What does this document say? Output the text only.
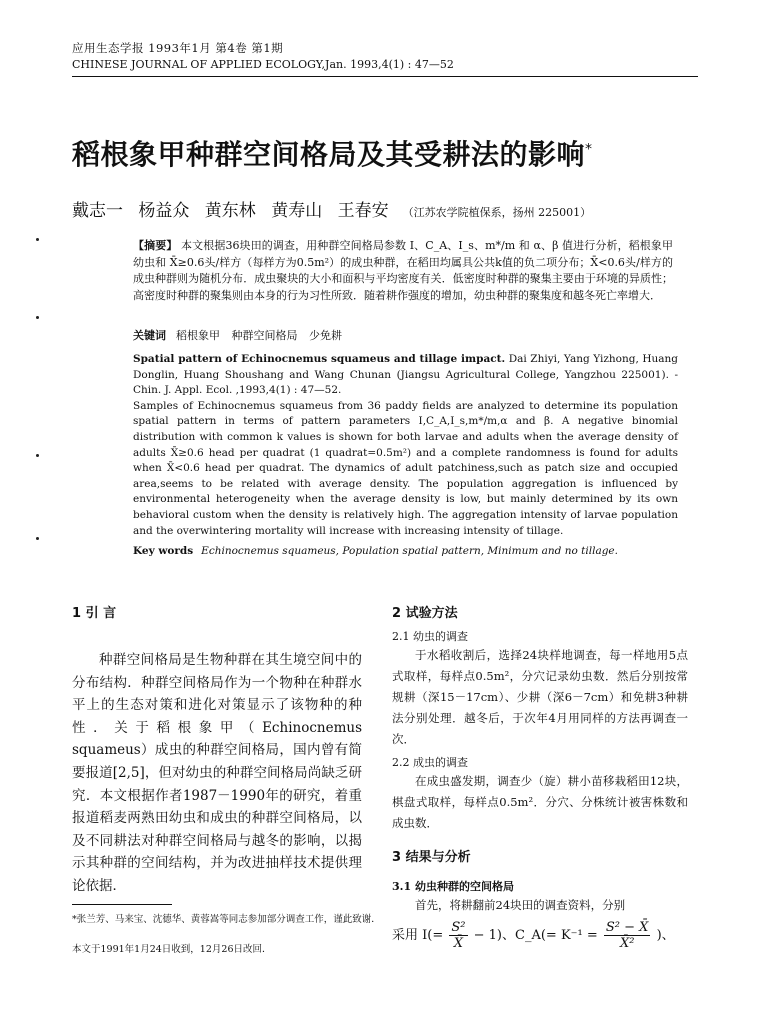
应用生态学报 1993年1月 第4卷 第1期
CHINESE JOURNAL OF APPLIED ECOLOGY,Jan. 1993,4(1) : 47—52
稻根象甲种群空间格局及其受耕法的影响*
戴志一 杨益众 黄东林 黄寿山 王春安 （江苏农学院植保系，扬州 225001）
【摘要】 本文根据36块田的调查，用种群空间格局参数 I、C_A、I_s、m*/m 和 α、β 值进行分析，稻根象甲幼虫和 X̄≥0.6头/样方（每样方为0.5m²）的成虫种群，在稻田均属具公共k值的负二项分布；X̄<0.6头/样方的成虫种群则为随机分布．成虫聚块的大小和面积与平均密度有关．低密度时种群的聚集主要由于环境的异质性；高密度时种群的聚集则由本身的行为习性所致．随着耕作强度的增加，幼虫种群的聚集度和越冬死亡率增大．
关键词 稻根象甲 种群空间格局 少免耕

Spatial pattern of Echinocnemus squameus and tillage impact. Dai Zhiyi, Yang Yizhong, Huang Donglin, Huang Shoushang and Wang Chunan (Jiangsu Agricultural College, Yangzhou 225001). -Chin. J. Appl. Ecol. ,1993,4(1) : 47—52.

Samples of Echinocnemus squameus from 36 paddy fields are analyzed to determine its population spatial pattern in terms of pattern parameters I,C_A,I_s,m*/m,α and β. A negative binomial distribution with common k values is shown for both larvae and adults when the average density of adults X̄≥0.6 head per quadrat (1 quadrat=0.5m²) and a complete randomness is found for adults when X̄<0.6 head per quadrat. The dynamics of adult patchiness,such as patch size and occupied area,seems to be related with average density. The population aggregation is influenced by environmental heterogeneity when the average density is low, but mainly determined by its own behavioral custom when the density is relatively high. The aggregation intensity of larvae population and the overwintering mortality will increase with increasing intensity of tillage.

Key words Echinocnemus squameus, Population spatial pattern, Minimum and no tillage.
1 引 言
种群空间格局是生物种群在其生境空间中的分布结构．种群空间格局作为一个物种在种群水平上的生态对策和进化对策显示了该物种的种性．关于稻根象甲（Echinocnemus squameus）成虫的种群空间格局，国内曾有简要报道[2,5]，但对幼虫的种群空间格局尚缺乏研究．本文根据作者1987－1990年的研究，着重报道稻麦两熟田幼虫和成虫的种群空间格局，以及不同耕法对种群空间格局与越冬的影响，以揭示其种群的空间结构，并为改进抽样技术提供理论依据．
*张兰芳、马来宝、沈德华、黄蓉嵩等同志参加部分调查工作，谨此致谢．
本文于1991年1月24日收到，12月26日改回．
2 试验方法
2.1 幼虫的调查
于水稻收割后，选择24块样地调查，每一样地用5点式取样，每样点0.5m²，分穴记录幼虫数．然后分别按常规耕（深15－17cm）、少耕（深6－7cm）和免耕3种耕法分别处理．越冬后，于次年4月用同样的方法再调查一次．
2.2 成虫的调查
在成虫盛发期，调查少（旋）耕小苗移栽稻田12块，棋盘式取样，每样点0.5m²．分穴、分株统计被害株数和成虫数．
3 结果与分析
3.1 幼虫种群的空间格局
首先，将耕翻前24块田的调查资料，分别
采用 $I(= \frac{\text{S²}}{X̄} - 1)$、C_A(= $K^{-1} = \frac{\text{S² − X̄}}{\text{X̄²}}$ )、
